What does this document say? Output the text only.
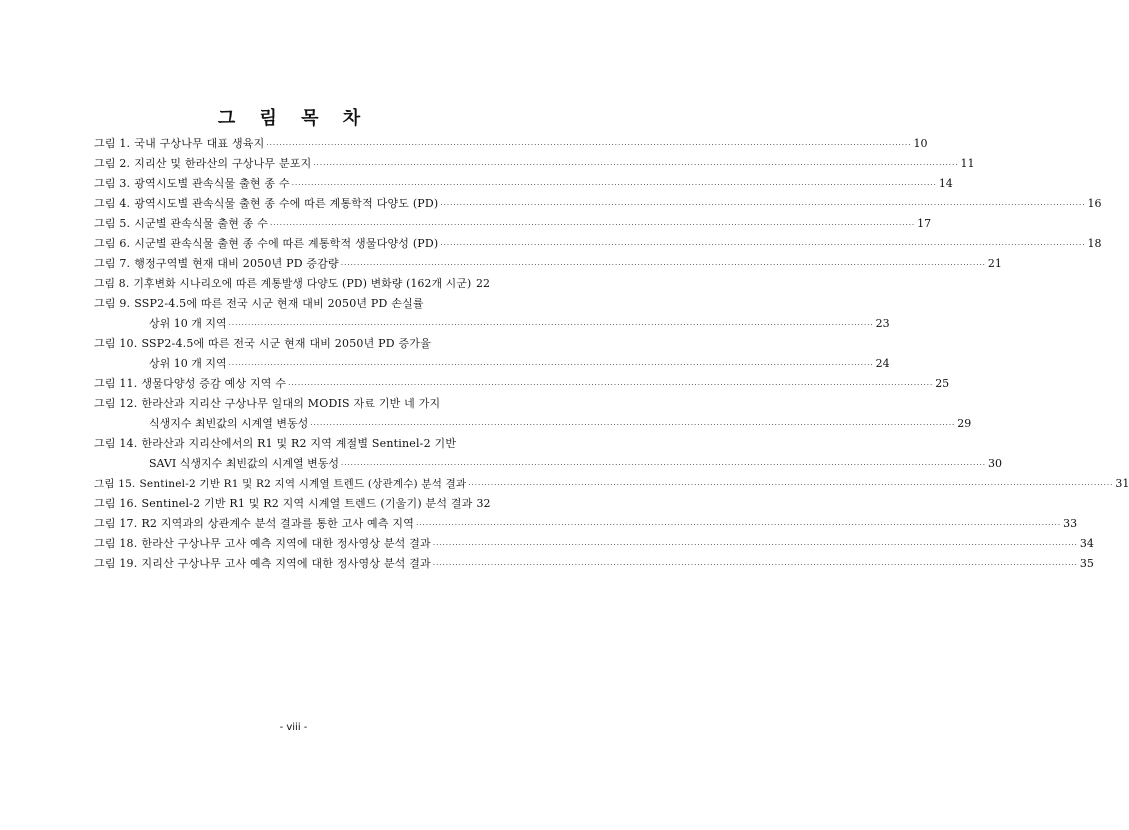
그 림 목 차
그림 1. 국내 구상나무 대표 생육지 ········································································································································································································ 10
그림 2. 지리산 및 한라산의 구상나무 분포지 ········································································································································································································ 11
그림 3. 광역시도별 관속식물 출현 종 수 ········································································································································································································ 14
그림 4. 광역시도별 관속식물 출현 종 수에 따른 계통학적 다양도 (PD) ········································································································································································································ 16
그림 5. 시군별 관속식물 출현 종 수 ········································································································································································································ 17
그림 6. 시군별 관속식물 출현 종 수에 따른 계통학적 생물다양성 (PD) ········································································································································································································ 18
그림 7. 행정구역별 현재 대비 2050년 PD 증감량 ········································································································································································································ 21
그림 8. 기후변화 시나리오에 따른 계통발생 다양도 (PD) 변화량 (162개 시군) 22
그림 9. SSP2-4.5에 따른 전국 시군 현재 대비 2050년 PD 손실률
상위 10 개 지역 ········································································································································································································ 23
그림 10. SSP2-4.5에 따른 전국 시군 현재 대비 2050년 PD 증가율
상위 10 개 지역 ········································································································································································································ 24
그림 11. 생물다양성 증감 예상 지역 수 ········································································································································································································ 25
그림 12. 한라산과 지리산 구상나무 일대의 MODIS 자료 기반 네 가지
식생지수 최빈값의 시계열 변동성 ········································································································································································································ 29
그림 14. 한라산과 지리산에서의 R1 및 R2 지역 계절별 Sentinel-2 기반
SAVI 식생지수 최빈값의 시계열 변동성 ········································································································································································································ 30
그림 15. Sentinel-2 기반 R1 및 R2 지역 시계열 트렌드 (상관계수) 분석 결과 ········································································································································································································ 31
그림 16. Sentinel-2 기반 R1 및 R2 지역 시계열 트렌드 (기울기) 분석 결과 32
그림 17. R2 지역과의 상관계수 분석 결과를 통한 고사 예측 지역 ········································································································································································································ 33
그림 18. 한라산 구상나무 고사 예측 지역에 대한 정사영상 분석 결과 ········································································································································································································ 34
그림 19. 지리산 구상나무 고사 예측 지역에 대한 정사영상 분석 결과 ········································································································································································································ 35
- viii -
